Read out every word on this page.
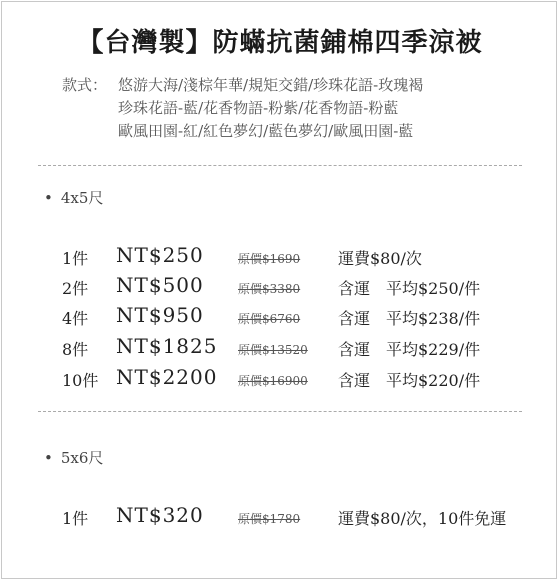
【台灣製】防蟎抗菌鋪棉四季涼被
款式： 悠游大海/淺棕年華/規矩交錯/珍珠花語-玫瑰褐
珍珠花語-藍/花香物語-粉紫/花香物語-粉藍
歐風田園-紅/紅色夢幻/藍色夢幻/歐風田園-藍
• 4x5尺
1件 NT$250	原價$1690 運費$80/次
2件 NT$500	原價$3380 含運　平均$250/件
4件 NT$950	原價$6760 含運　平均$238/件
8件 NT$1825 原價$13520 含運　平均$229/件
10件 NT$2200 原價$16900 含運　平均$220/件
• 5x6尺
1件 NT$320	原價$1780 運費$80/次，10件免運
